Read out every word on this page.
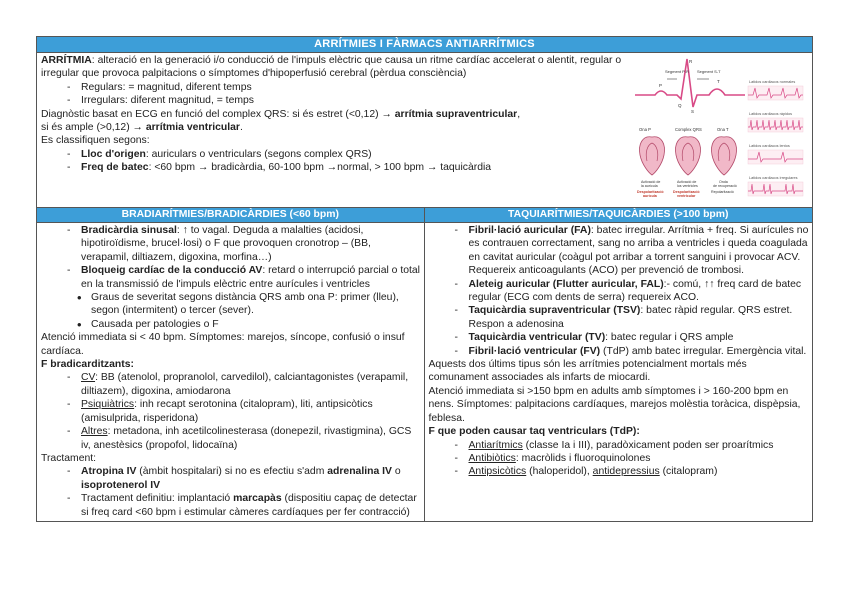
ARRÍTMIES I FÀRMACS ANTIARRÍTMICS

ARRÍTMIA: alteració en la generació i/o conducció de l'impuls elèctric que causa un ritme cardíac accelerat o alentit, regular o irregular que provoca palpitacions o símptomes d'hipoperfusió cerebral (pèrdua consciència)

- Regulars: = magnitud, diferent temps
- Irregulars: diferent magnitud, = temps

Diagnòstic basat en ECG en funció del complex QRS: si és estret (<0,12) → arrítmia supraventricular,
si és ample (>0,12) → arrítmia ventricular.

Es classifiquen segons:

- Lloc d'origen: auriculars o ventriculars (segons complex QRS)
- Freq de batec: <60 bpm → bradicàrdia, 60-100 bpm →normal, > 100 bpm → taquicàrdia
Segment P-R Segment S-T
R
P
T
Q
S
Ona P	Complex QRS	Ona T
Activació de
la aurícula
Despolarització
aurícula
Activació de
los ventricles
Despolarització
ventricular
Onda
de recuperació
Repolarització
Latidos cardiacos normales
Latidos cardiacos rápidos
Latidos cardiacos lentos
Latidos cardiacos irregulares
BRADIARÍTMIES/BRADICÀRDIES (<60 bpm)
- Bradicàrdia sinusal: ↑ to vagal. Deguda a malalties (acidosi, hipotiroïdisme, brucel·losi) o F que provoquen cronotrop – (BB, verapamil, diltiazem, digoxina, morfina…)
- Bloqueig cardíac de la conducció AV: retard o interrupció parcial o total en la transmissió de l'impuls elèctric entre aurícules i ventricles
• Graus de severitat segons distància QRS amb ona P: primer (lleu), segon (intermitent) o tercer (sever).
• Causada per patologies o F

Atenció immediata si < 40 bpm. Símptomes: marejos, síncope, confusió o insuf cardíaca.

F bradicarditzants:

- CV: BB (atenolol, propranolol, carvedilol), calciantagonistes (verapamil, diltiazem), digoxina, amiodarona
- Psiquiàtrics: inh recapt serotonina (citalopram), liti, antipsicòtics (amisulprida, risperidona)
- Altres: metadona, inh acetilcolinesterasa (donepezil, rivastigmina), GCS iv, anestèsics (propofol, lidocaïna)

Tractament:

- Atropina IV (àmbit hospitalari) si no es efectiu s'adm adrenalina IV o isoprotenerol IV
- Tractament definitiu: implantació marcapàs (dispositiu capaç de detectar si freq card <60 bpm i estimular càmeres cardíaques per fer contracció)
TAQUIARÍTMIES/TAQUICÀRDIES (>100 bpm)
- Fibril·lació auricular (FA): batec irregular. Arrítmia + freq. Si aurícules no es contrauen correctament, sang no arriba a ventricles i queda coagulada en cavitat auricular (coàgul pot arribar a torrent sanguini i provocar ACV. Requereix anticoagulants (ACO) per prevenció de trombosi.
- Aleteig auricular (Flutter auricular, FAL):- comú, ↑↑ freq card de batec regular (ECG com dents de serra) requereix ACO.
- Taquicàrdia supraventricular (TSV): batec ràpid regular. QRS estret. Respon a adenosina
- Taquicàrdia ventricular (TV): batec regular i QRS ample
- Fibril·lació ventricular (FV) (TdP) amb batec irregular. Emergència vital.

Aquests dos últims tipus són les arrítmies potencialment mortals més comunament associades als infarts de miocardi.

Atenció immediata si >150 bpm en adults amb símptomes i > 160-200 bpm en nens. Símptomes: palpitacions cardíaques, marejos molèstia toràcica, dispèpsia, feblesa.

F que poden causar taq ventriculars (TdP):

- Antiarítmics (classe Ia i III), paradòxicament poden ser proarítmics
- Antibiòtics: macròlids i fluoroquinolones
- Antipsicòtics (haloperidol), antidepressius (citalopram)
